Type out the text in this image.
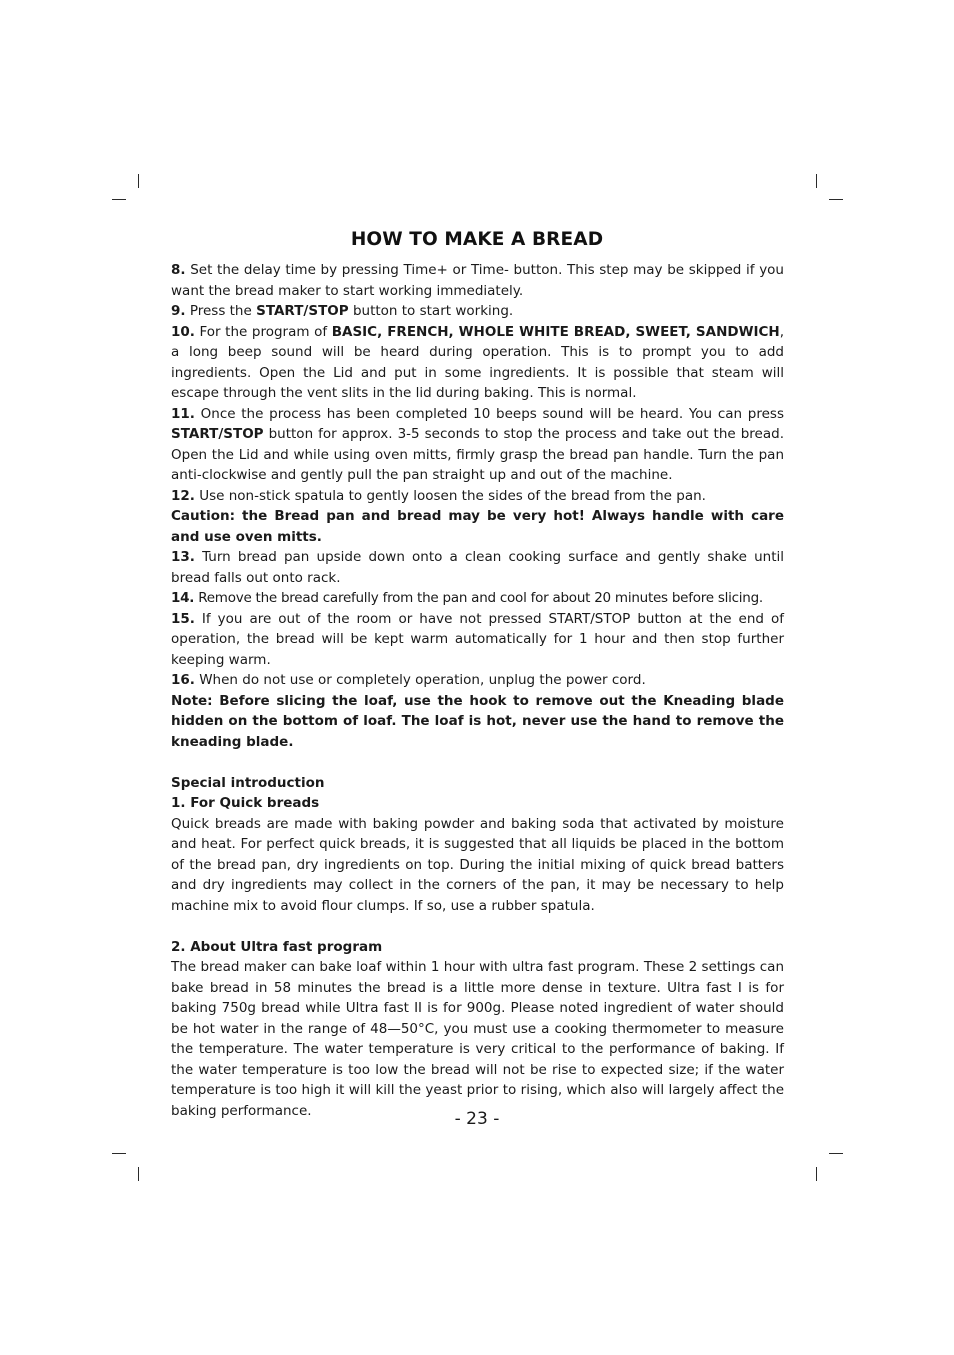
HOW TO MAKE A BREAD

8. Set the delay time by pressing Time+ or Time- button. This step may be skipped if you want the bread maker to start working immediately.

9. Press the START/STOP button to start working.

10. For the program of BASIC, FRENCH, WHOLE WHITE BREAD, SWEET, SANDWICH, a long beep sound will be heard during operation. This is to prompt you to add ingredients. Open the Lid and put in some ingredients. It is possible that steam will escape through the vent slits in the lid during baking. This is normal.

11. Once the process has been completed 10 beeps sound will be heard. You can press START/STOP button for approx. 3-5 seconds to stop the process and take out the bread. Open the Lid and while using oven mitts, firmly grasp the bread pan handle. Turn the pan anti-clockwise and gently pull the pan straight up and out of the machine.

12. Use non-stick spatula to gently loosen the sides of the bread from the pan.

Caution: the Bread pan and bread may be very hot! Always handle with care and use oven mitts.

13. Turn bread pan upside down onto a clean cooking surface and gently shake until bread falls out onto rack.

14. Remove the bread carefully from the pan and cool for about 20 minutes before slicing.

15. If you are out of the room or have not pressed START/STOP button at the end of operation, the bread will be kept warm automatically for 1 hour and then stop further keeping warm.

16. When do not use or completely operation, unplug the power cord.

Note: Before slicing the loaf, use the hook to remove out the Kneading blade hidden on the bottom of loaf. The loaf is hot, never use the hand to remove the kneading blade.

Special introduction

1. For Quick breads

Quick breads are made with baking powder and baking soda that activated by moisture and heat. For perfect quick breads, it is suggested that all liquids be placed in the bottom of the bread pan, dry ingredients on top. During the initial mixing of quick bread batters and dry ingredients may collect in the corners of the pan, it may be necessary to help machine mix to avoid flour clumps. If so, use a rubber spatula.

2. About Ultra fast program

The bread maker can bake loaf within 1 hour with ultra fast program. These 2 settings can bake bread in 58 minutes the bread is a little more dense in texture. Ultra fast I is for baking 750g bread while Ultra fast II is for 900g. Please noted ingredient of water should be hot water in the range of 48—50°C, you must use a cooking thermometer to measure the temperature. The water temperature is very critical to the performance of baking. If the water temperature is too low the bread will not be rise to expected size; if the water temperature is too high it will kill the yeast prior to rising, which also will largely affect the baking performance.	- 23 -
